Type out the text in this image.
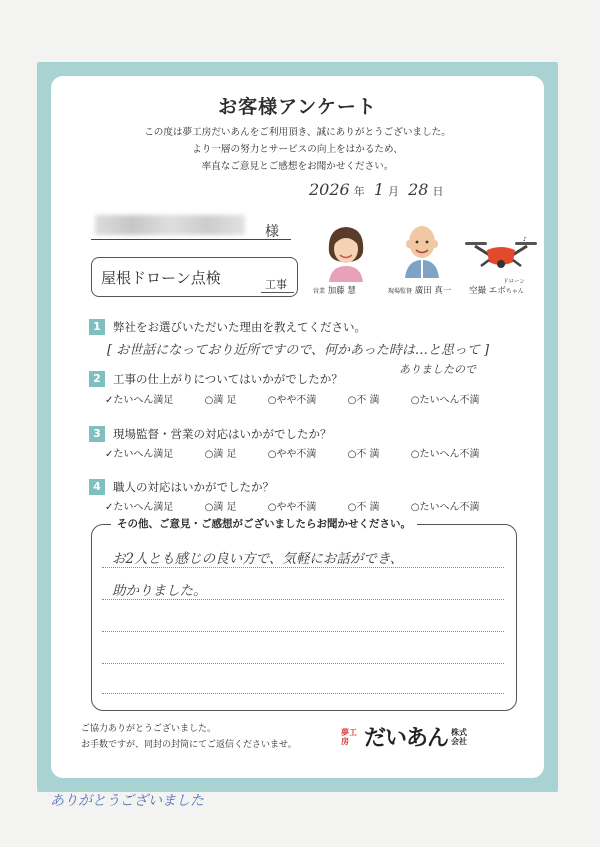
お客様アンケート
この度は夢工房だいあんをご利用頂き、誠にありがとうございました。
より一層の努力とサービスの向上をはかるため、
率直なご意見とご感想をお聞かせください。
2026 年 1 月 28 日
様
屋根ドローン点検	工事
営業 加藤 慧	現場監督 廣田 真一
♪
ドローン
空撮 エボちゃん
1	弊社をお選びいただいた理由を教えてください。
[ お世話になっており近所ですので、何かあった時は…と思って ]
ありましたので
2	工事の仕上がりについてはいかがでしたか？
✓たいへん満足	○満 足	○やや不満	○不 満	○たいへん不満
3	現場監督・営業の対応はいかがでしたか？
✓たいへん満足	○満 足	○やや不満	○不 満	○たいへん不満
4	職人の対応はいかがでしたか？
✓たいへん満足	○満 足	○やや不満	○不 満	○たいへん不満
お2人とも感じの良い方で、気軽にお話ができ、
助かりました。
その他、ご意見・ご感想がございましたらお聞かせください。
ご協力ありがとうございました。
お手数ですが、同封の封筒にてご返信くださいませ。
夢工房 だいあん 株式会社
ありがとうございました
